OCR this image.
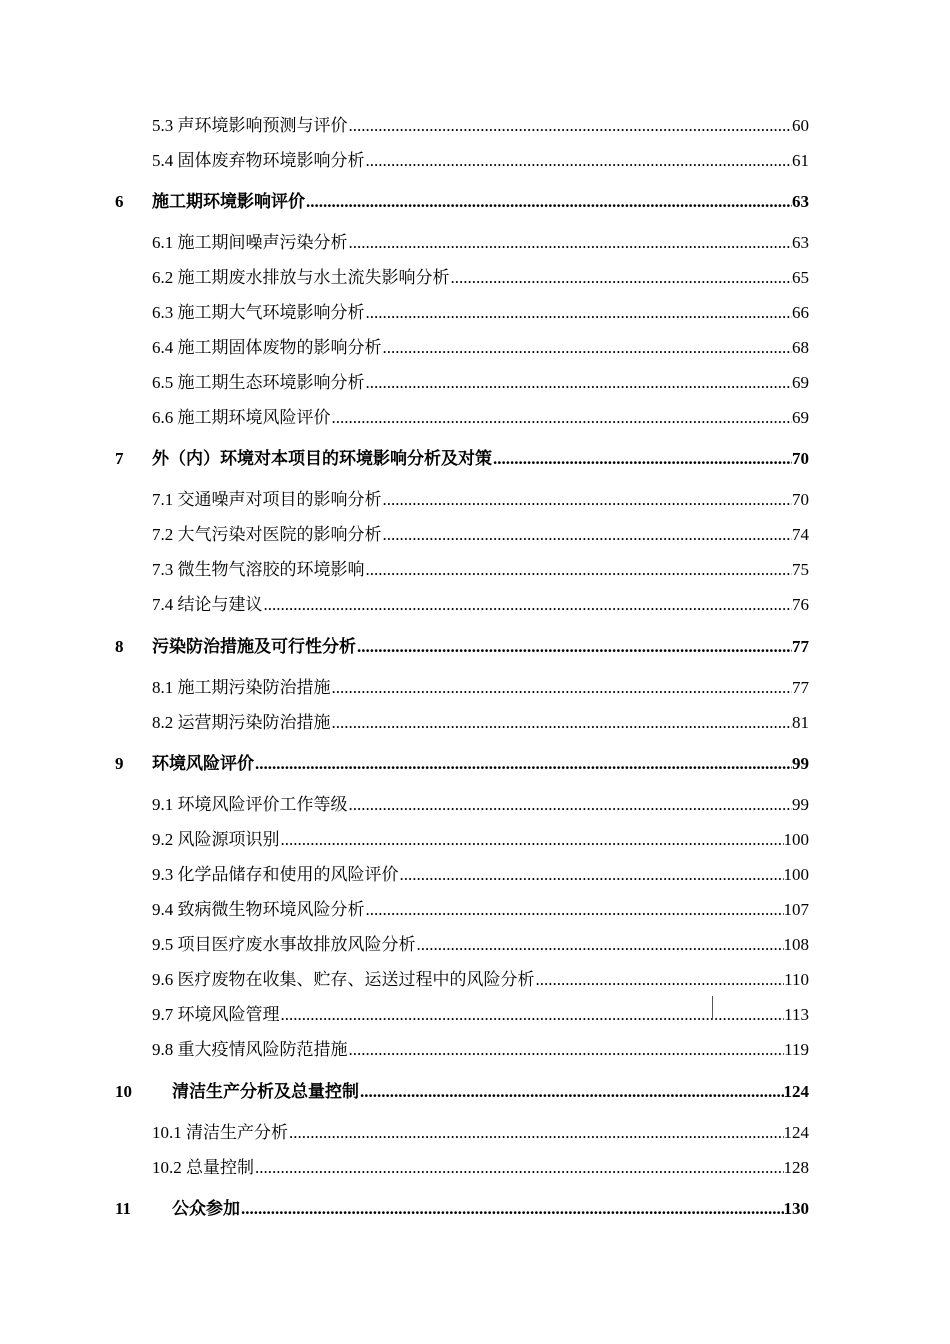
5.3 声环境影响预测与评价 .....	60
5.4 固体废弃物环境影响分析 .....	61
6 施工期环境影响评价 .....	63
6.1 施工期间噪声污染分析 .....	63
6.2 施工期废水排放与水土流失影响分析 .....	65
6.3 施工期大气环境影响分析 .....	66
6.4 施工期固体废物的影响分析 .....	68
6.5 施工期生态环境影响分析 .....	69
6.6 施工期环境风险评价 .....	69
7 外（内）环境对本项目的环境影响分析及对策 .....	70
7.1 交通噪声对项目的影响分析 .....	70
7.2 大气污染对医院的影响分析 .....	74
7.3 微生物气溶胶的环境影响 .....	75
7.4 结论与建议 .....	76
8 污染防治措施及可行性分析 .....	77
8.1 施工期污染防治措施 .....	77
8.2 运营期污染防治措施 .....	81
9 环境风险评价 .....	99
9.1 环境风险评价工作等级 .....	99
9.2 风险源项识别 .....	100
9.3 化学品储存和使用的风险评价 .....	100
9.4 致病微生物环境风险分析 .....	107
9.5 项目医疗废水事故排放风险分析 .....	108
9.6 医疗废物在收集、贮存、运送过程中的风险分析 .....	110
9.7 环境风险管理 .....	113
9.8 重大疫情风险防范措施 .....	119
10 清洁生产分析及总量控制 .....	124
10.1 清洁生产分析 .....	124
10.2 总量控制 .....	128
11 公众参加 .....	130
